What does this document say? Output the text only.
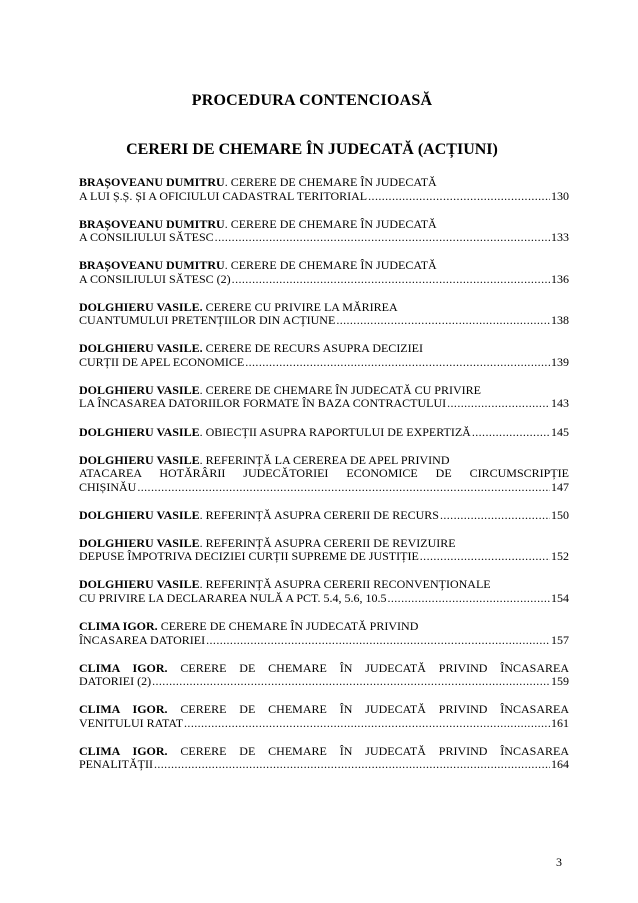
PROCEDURA CONTENCIOASĂ
CERERI DE CHEMARE ÎN JUDECATĂ (ACȚIUNI)
BRAȘOVEANU DUMITRU. CERERE DE CHEMARE ÎN JUDECATĂ
A LUI Ș.Ș. ȘI A OFICIULUI CADASTRAL TERITORIAL .....	130
BRAȘOVEANU DUMITRU. CERERE DE CHEMARE ÎN JUDECATĂ
A CONSILIULUI SĂTESC .....	133
BRAȘOVEANU DUMITRU. CERERE DE CHEMARE ÎN JUDECATĂ
A CONSILIULUI SĂTESC (2) .....	136
DOLGHIERU VASILE. CERERE CU PRIVIRE LA MĂRIREA
CUANTUMULUI PRETENȚIILOR DIN ACȚIUNE .....	138
DOLGHIERU VASILE. CERERE DE RECURS ASUPRA DECIZIEI
CURȚII DE APEL ECONOMICE .....	139
DOLGHIERU VASILE. CERERE DE CHEMARE ÎN JUDECATĂ CU PRIVIRE
LA ÎNCASAREA DATORIILOR FORMATE ÎN BAZA CONTRACTULUI .....	143
DOLGHIERU VASILE. OBIECȚII ASUPRA RAPORTULUI DE EXPERTIZĂ .....	145
DOLGHIERU VASILE. REFERINȚĂ LA CEREREA DE APEL PRIVIND
ATACAREA HOTĂRÂRII JUDECĂTORIEI ECONOMICE DE CIRCUMSCRIPȚIE
CHIȘINĂU .....	147
DOLGHIERU VASILE. REFERINȚĂ ASUPRA CERERII DE RECURS .....	150
DOLGHIERU VASILE. REFERINȚĂ ASUPRA CERERII DE REVIZUIRE
DEPUSE ÎMPOTRIVA DECIZIEI CURȚII SUPREME DE JUSTIȚIE .....	152
DOLGHIERU VASILE. REFERINȚĂ ASUPRA CERERII RECONVENȚIONALE
CU PRIVIRE LA DECLARAREA NULĂ A PCT. 5.4, 5.6, 10.5 .....	154
CLIMA IGOR. CERERE DE CHEMARE ÎN JUDECATĂ PRIVIND
ÎNCASAREA DATORIEI .....	157
CLIMA IGOR. CERERE DE CHEMARE ÎN JUDECATĂ PRIVIND ÎNCASAREA
DATORIEI (2) .....	159
CLIMA IGOR. CERERE DE CHEMARE ÎN JUDECATĂ PRIVIND ÎNCASAREA
VENITULUI RATAT .....	161
CLIMA IGOR. CERERE DE CHEMARE ÎN JUDECATĂ PRIVIND ÎNCASAREA
PENALITĂȚII .....	164
3
